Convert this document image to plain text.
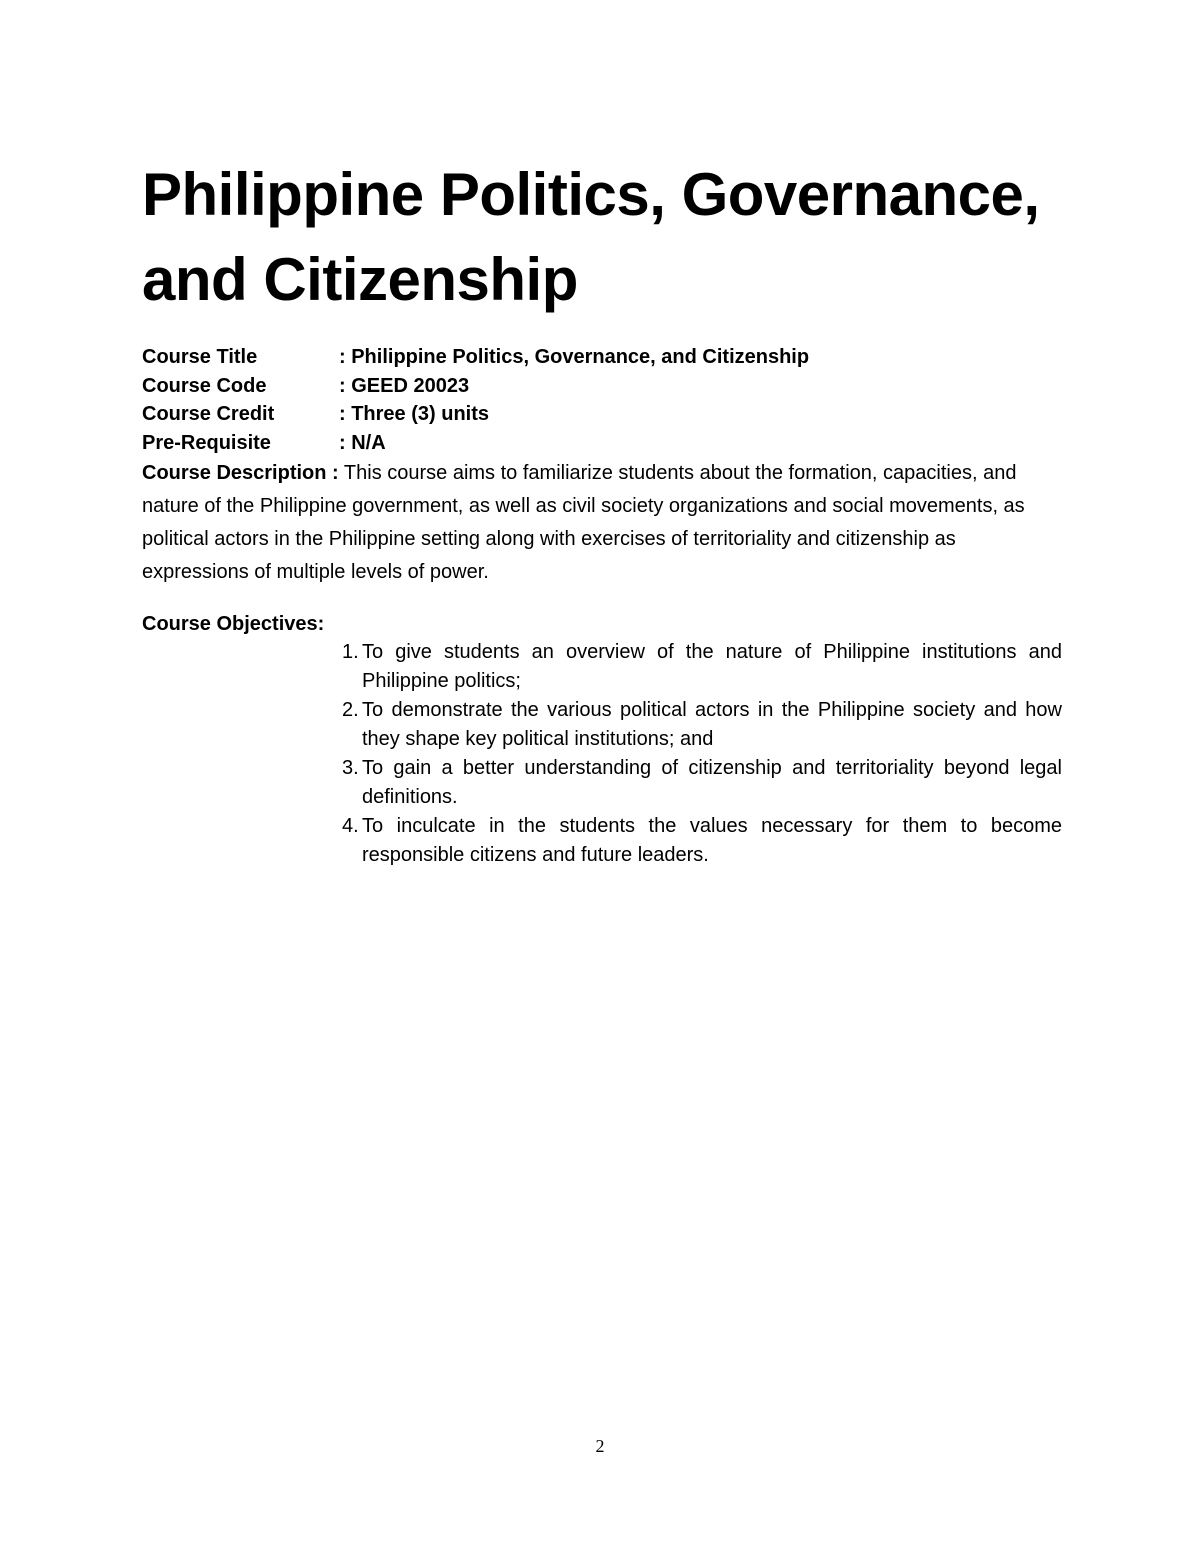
Philippine Politics, Governance, and Citizenship
Course Title	: Philippine Politics, Governance, and Citizenship
Course Code	: GEED 20023
Course Credit	: Three (3) units
Pre-Requisite	: N/A

Course Description : This course aims to familiarize students about the formation, capacities, and nature of the Philippine government, as well as civil society organizations and social movements, as political actors in the Philippine setting along with exercises of territoriality and citizenship as expressions of multiple levels of power.

Course Objectives:

1. To give students an overview of the nature of Philippine institutions and Philippine politics;
2. To demonstrate the various political actors in the Philippine society and how they shape key political institutions; and
3. To gain a better understanding of citizenship and territoriality beyond legal definitions.
4. To inculcate in the students the values necessary for them to become responsible citizens and future leaders.
2
